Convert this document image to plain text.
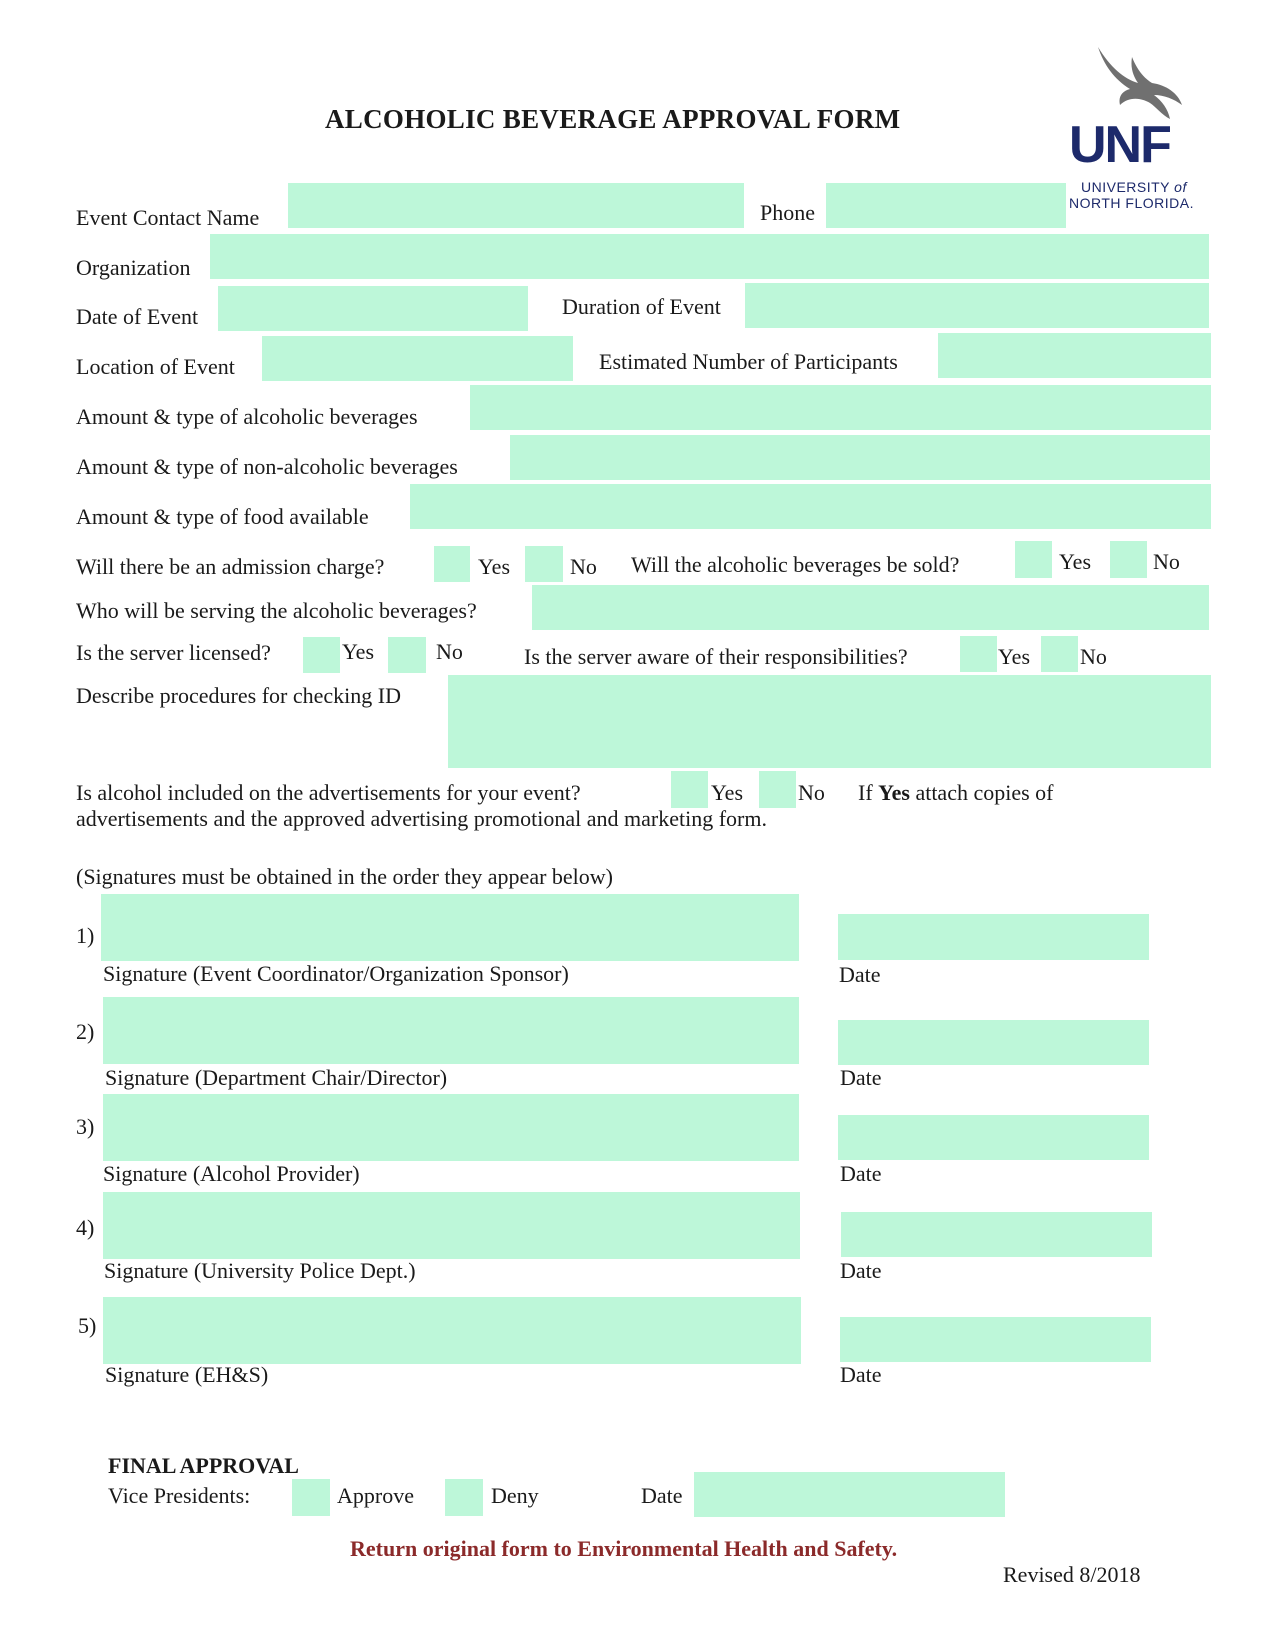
ALCOHOLIC BEVERAGE APPROVAL FORM	UNF
UNIVERSITY of
NORTH FLORIDA.
Event Contact Name	Phone
Organization
Date of Event	Duration of Event
Location of Event	Estimated Number of Participants
Amount & type of alcoholic beverages
Amount & type of non-alcoholic beverages
Amount & type of food available
Will there be an admission charge?	Yes	No Will the alcoholic beverages be sold?	Yes	No
Who will be serving the alcoholic beverages?
Is the server licensed?	Yes	No	Is the server aware of their responsibilities?	Yes No
Describe procedures for checking ID
Is alcohol included on the advertisements for your event?	Yes No If Yes attach copies of
advertisements and the approved advertising promotional and marketing form.
(Signatures must be obtained in the order they appear below)
1)
Signature (Event Coordinator/Organization Sponsor)	Date
2)
Signature (Department Chair/Director)	Date
3)
Signature (Alcohol Provider)	Date
4)
Signature (University Police Dept.)	Date
5)
Signature (EH&S)	Date
FINAL APPROVAL
Vice Presidents:	Approve	Deny	Date
Return original form to Environmental Health and Safety.
Revised 8/2018
